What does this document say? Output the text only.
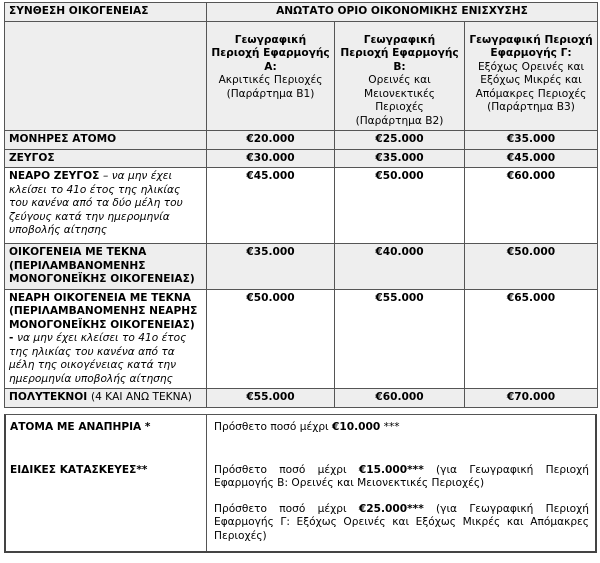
ΣΥΝΘΕΣΗ ΟΙΚΟΓΕΝΕΙΑΣ	ΑΝΩΤΑΤΟ ΟΡΙΟ ΟΙΚΟΝΟΜΙΚΗΣ ΕΝΙΣΧΥΣΗΣ		

	Γεωγραφική Περιοχή Εφαρμογής Α:
Ακριτικές Περιοχές
(Παράρτημα Β1)	Γεωγραφική Περιοχή Εφαρμογής Β:
Ορεινές και Μειονεκτικές Περιοχές
(Παράρτημα Β2)	Γεωγραφική Περιοχή Εφαρμογής Γ:
Εξόχως Ορεινές και Εξόχως Μικρές και Απόμακρες Περιοχές
(Παράρτημα Β3)
ΜΟΝΗΡΕΣ ΑΤΟΜΟ	€20.000	€25.000	€35.000
ΖΕΥΓΟΣ	€30.000	€35.000	€45.000
ΝΕΑΡΟ ΖΕΥΓΟΣ – να μην έχει κλείσει το 41ο έτος της ηλικίας του κανένα από τα δύο μέλη του ζεύγους κατά την ημερομηνία υποβολής αίτησης	€45.000	€50.000	€60.000
ΟΙΚΟΓΕΝΕΙΑ ΜΕ ΤΕΚΝΑ (ΠΕΡΙΛΑΜΒΑΝΟΜΕΝΗΣ ΜΟΝΟΓΟΝΕΪΚΗΣ ΟΙΚΟΓΕΝΕΙΑΣ)	€35.000	€40.000	€50.000
ΝΕΑΡΗ ΟΙΚΟΓΕΝΕΙΑ ΜΕ ΤΕΚΝΑ (ΠΕΡΙΛΑΜΒΑΝΟΜΕΝΗΣ ΝΕΑΡΗΣ ΜΟΝΟΓΟΝΕΪΚΗΣ ΟΙΚΟΓΕΝΕΙΑΣ) - να μην έχει κλείσει το 41ο έτος της ηλικίας του κανένα από τα μέλη της οικογένειας κατά την ημερομηνία υποβολής αίτησης	€50.000	€55.000	€65.000
ΠΟΛΥΤΕΚΝΟΙ (4 ΚΑΙ ΑΝΩ ΤΕΚΝΑ)	€55.000	€60.000	€70.000
ΑΤΟΜΑ ΜΕ ΑΝΑΠΗΡΙΑ *	Πρόσθετο ποσό μέχρι €10.000 ***
ΕΙΔΙΚΕΣ ΚΑΤΑΣΚΕΥΕΣ**	Πρόσθετο ποσό μέχρι €15.000*** (για Γεωγραφική Περιοχή Εφαρμογής Β: Ορεινές και Μειονεκτικές Περιοχές)
Πρόσθετο ποσό μέχρι €25.000*** (για Γεωγραφική Περιοχή Εφαρμογής Γ: Εξόχως Ορεινές και Εξόχως Μικρές και Απόμακρες Περιοχές)
